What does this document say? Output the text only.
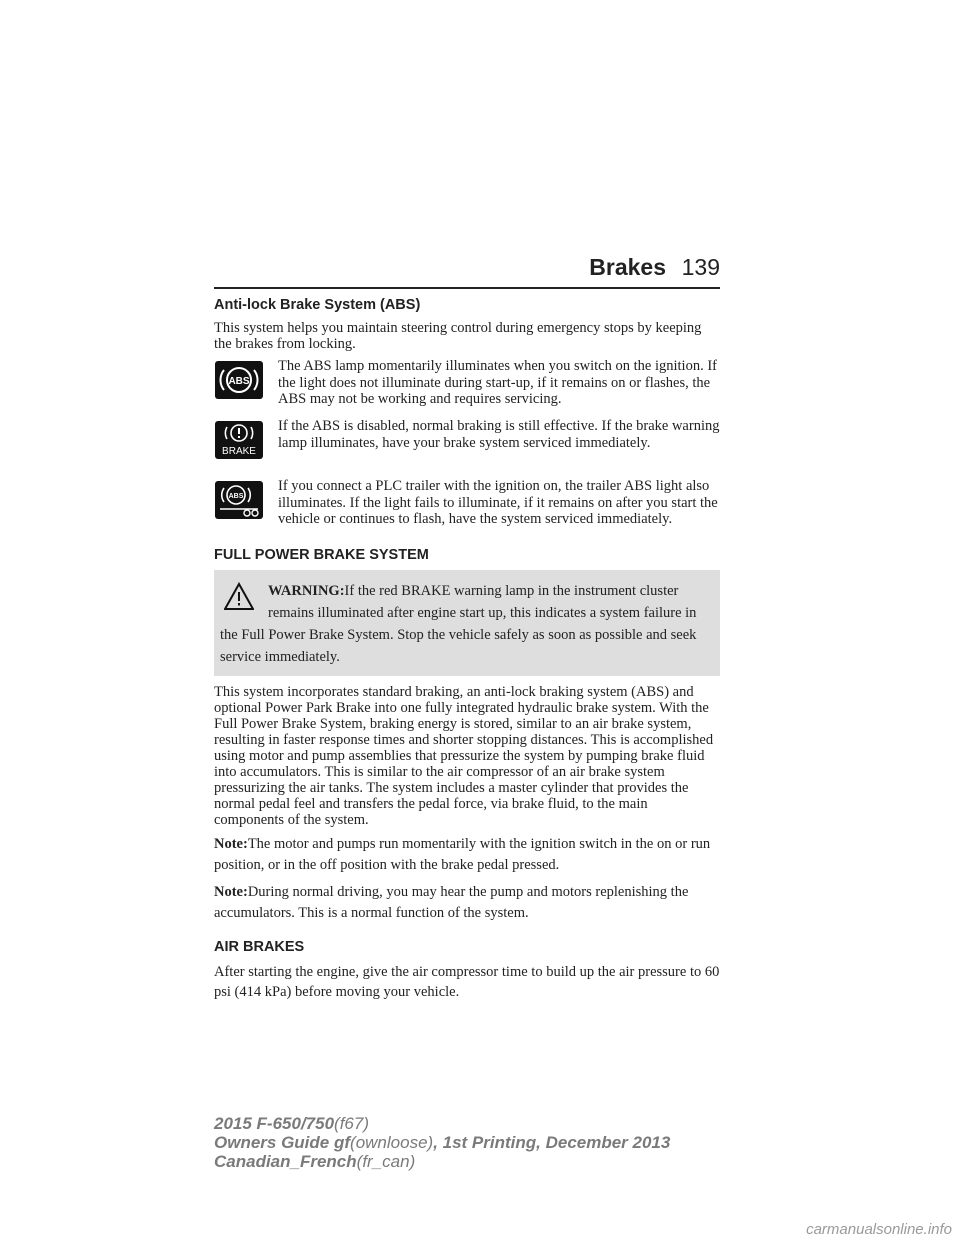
Brakes 139
Anti-lock Brake System (ABS)

This system helps you maintain steering control during emergency stops by keeping the brakes from locking.

ABS
The ABS lamp momentarily illuminates when you switch on the ignition. If the light does not illuminate during start-up, if it remains on or flashes, the ABS may not be working and requires servicing.
BRAKE
If the ABS is disabled, normal braking is still effective. If the brake warning lamp illuminates, have your brake system serviced immediately.
ABS
If you connect a PLC trailer with the ignition on, the trailer ABS light also illuminates. If the light fails to illuminate, if it remains on after you start the vehicle or continues to flash, have the system serviced immediately.
FULL POWER BRAKE SYSTEM
WARNING:If the red BRAKE warning lamp in the instrument cluster remains illuminated after engine start up, this indicates a system failure in the Full Power Brake System. Stop the vehicle safely as soon as possible and seek service immediately.

This system incorporates standard braking, an anti-lock braking system (ABS) and optional Power Park Brake into one fully integrated hydraulic brake system. With the Full Power Brake System, braking energy is stored, similar to an air brake system, resulting in faster response times and shorter stopping distances. This is accomplished using motor and pump assemblies that pressurize the system by pumping brake fluid into accumulators. This is similar to the air compressor of an air brake system pressurizing the air tanks. The system includes a master cylinder that provides the normal pedal feel and transfers the pedal force, via brake fluid, to the main components of the system.

Note:The motor and pumps run momentarily with the ignition switch in the on or run position, or in the off position with the brake pedal pressed.

Note:During normal driving, you may hear the pump and motors replenishing the accumulators. This is a normal function of the system.

AIR BRAKES

After starting the engine, give the air compressor time to build up the air pressure to 60 psi (414 kPa) before moving your vehicle.

2015 F-650/750(f67)
Owners Guide gf(ownloose), 1st Printing, December 2013
Canadian_French(fr_can)
carmanualsonline.info
